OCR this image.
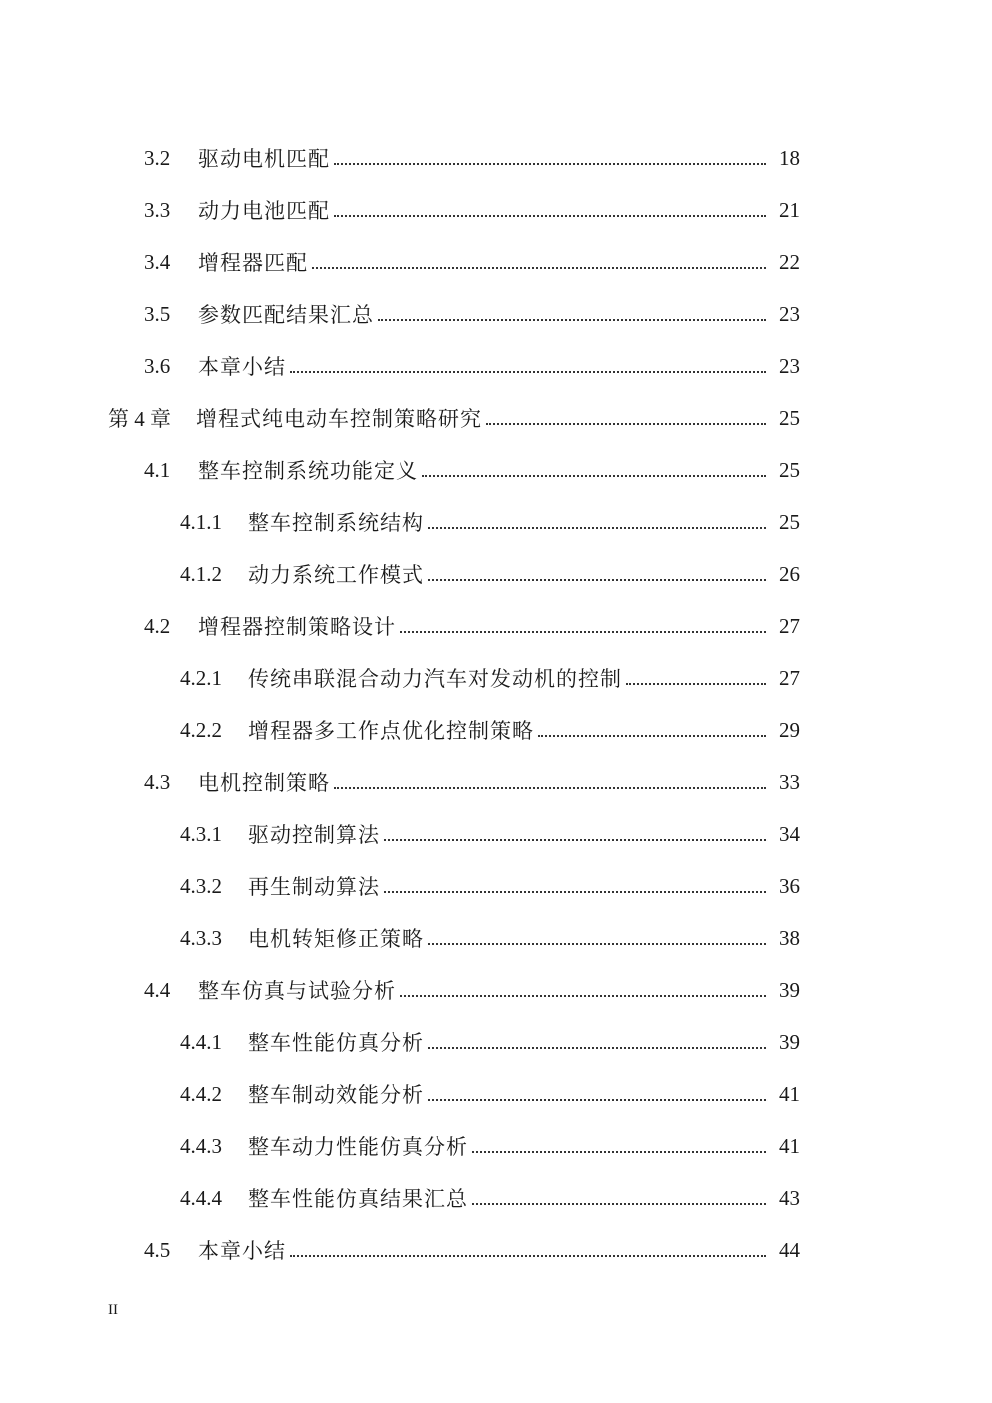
3.2	驱动电机匹配	18
3.3	动力电池匹配	21
3.4	增程器匹配	22
3.5	参数匹配结果汇总	23
3.6	本章小结	23
第 4 章	增程式纯电动车控制策略研究	25
4.1	整车控制系统功能定义	25
4.1.1	整车控制系统结构	25
4.1.2	动力系统工作模式	26
4.2	增程器控制策略设计	27
4.2.1	传统串联混合动力汽车对发动机的控制	27
4.2.2	增程器多工作点优化控制策略	29
4.3	电机控制策略	33
4.3.1	驱动控制算法	34
4.3.2	再生制动算法	36
4.3.3	电机转矩修正策略	38
4.4	整车仿真与试验分析	39
4.4.1	整车性能仿真分析	39
4.4.2	整车制动效能分析	41
4.4.3	整车动力性能仿真分析	41
4.4.4	整车性能仿真结果汇总	43
4.5	本章小结	44
II
